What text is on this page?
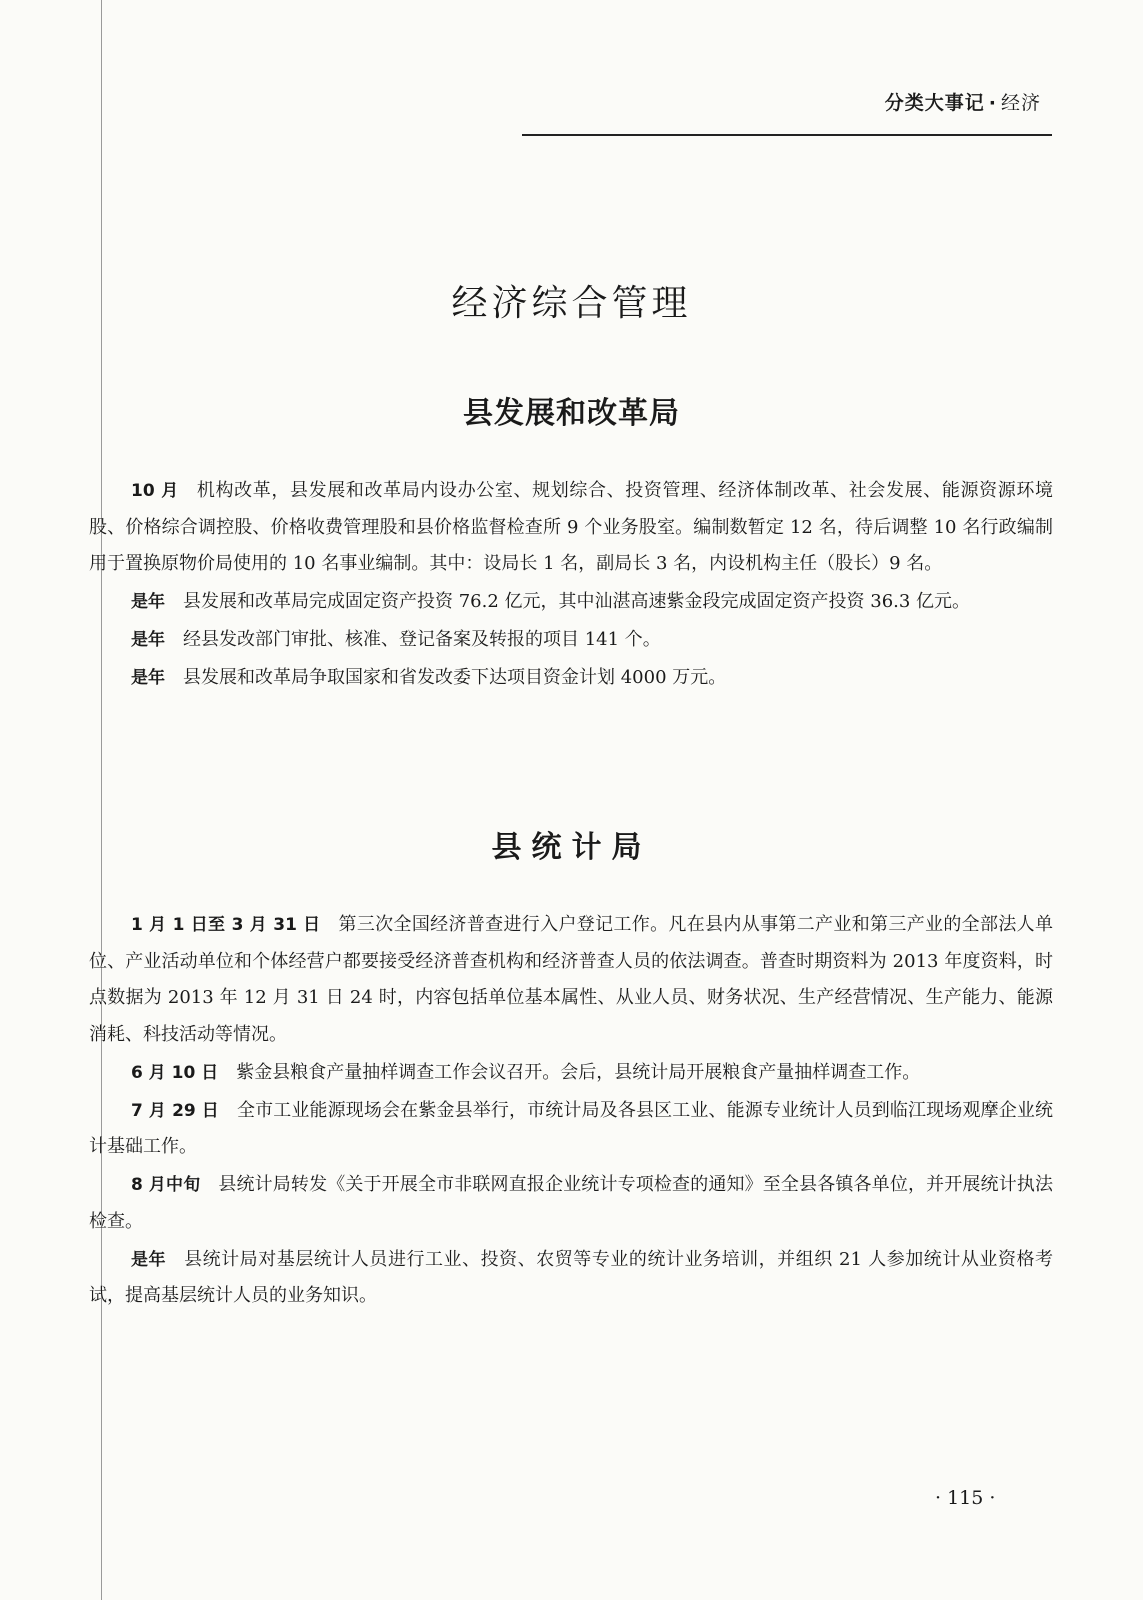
分类大事记 · 经济
经济综合管理
县发展和改革局

10 月 机构改革，县发展和改革局内设办公室、规划综合、投资管理、经济体制改革、社会发展、能源资源环境股、价格综合调控股、价格收费管理股和县价格监督检查所 9 个业务股室。编制数暂定 12 名，待后调整 10 名行政编制用于置换原物价局使用的 10 名事业编制。其中：设局长 1 名，副局长 3 名，内设机构主任（股长）9 名。

是年 县发展和改革局完成固定资产投资 76.2 亿元，其中汕湛高速紫金段完成固定资产投资 36.3 亿元。

是年 经县发改部门审批、核准、登记备案及转报的项目 141 个。

是年 县发展和改革局争取国家和省发改委下达项目资金计划 4000 万元。

县统计局

1 月 1 日至 3 月 31 日 第三次全国经济普查进行入户登记工作。凡在县内从事第二产业和第三产业的全部法人单位、产业活动单位和个体经营户都要接受经济普查机构和经济普查人员的依法调查。普查时期资料为 2013 年度资料，时点数据为 2013 年 12 月 31 日 24 时，内容包括单位基本属性、从业人员、财务状况、生产经营情况、生产能力、能源消耗、科技活动等情况。

6 月 10 日 紫金县粮食产量抽样调查工作会议召开。会后，县统计局开展粮食产量抽样调查工作。

7 月 29 日 全市工业能源现场会在紫金县举行，市统计局及各县区工业、能源专业统计人员到临江现场观摩企业统计基础工作。

8 月中旬 县统计局转发《关于开展全市非联网直报企业统计专项检查的通知》至全县各镇各单位，并开展统计执法检查。

是年 县统计局对基层统计人员进行工业、投资、农贸等专业的统计业务培训，并组织 21 人参加统计从业资格考试，提高基层统计人员的业务知识。

· 115 ·
